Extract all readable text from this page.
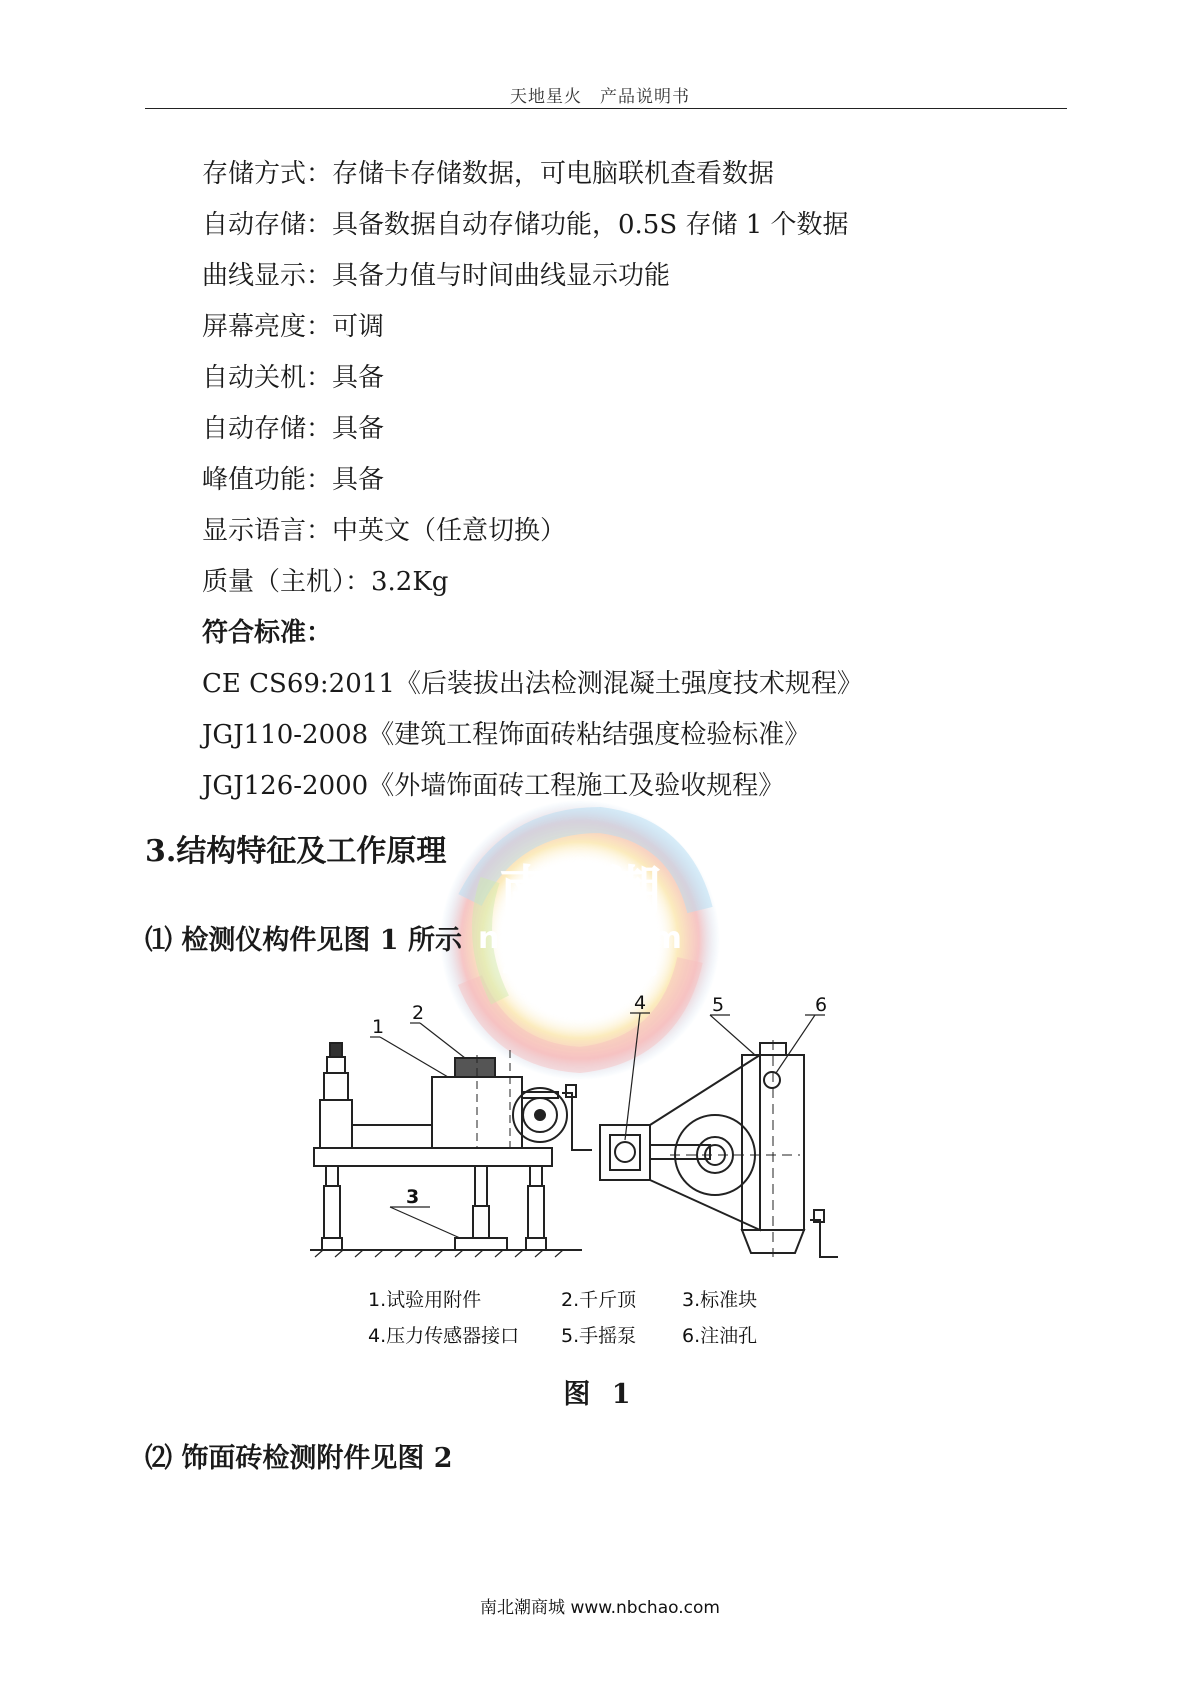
天地星火　产品说明书
南北潮
nbchao.com
400-600-7498
存储方式：存储卡存储数据，可电脑联机查看数据
自动存储：具备数据自动存储功能，0.5S 存储 1 个数据
曲线显示：具备力值与时间曲线显示功能
屏幕亮度：可调
自动关机：具备
自动存储：具备
峰值功能：具备
显示语言：中英文（任意切换）
质量（主机）：3.2Kg
符合标准：
CE CS69:2011《后装拔出法检测混凝土强度技术规程》
JGJ110-2008《建筑工程饰面砖粘结强度检验标准》
JGJ126-2000《外墙饰面砖工程施工及验收规程》
3.结构特征及工作原理
⑴ 检测仪构件见图 1 所示
1
2
3
4	5	6
1.试验用附件	2.千斤顶 3.标准块
4.压力传感器接口 5.手摇泵 6.注油孔
图 1
⑵ 饰面砖检测附件见图 2
南北潮商城 www.nbchao.com
